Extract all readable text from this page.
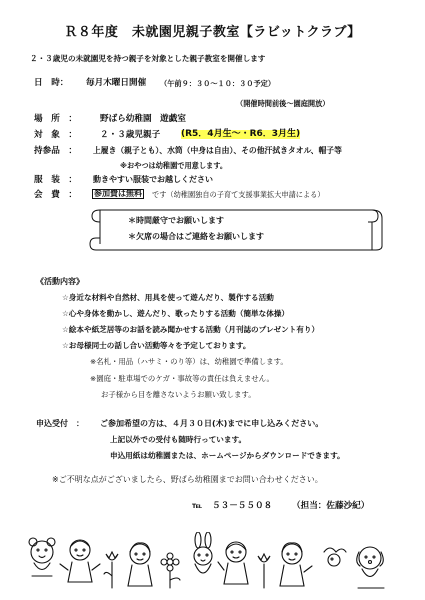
Ｒ８年度　未就園児親子教室【ラビットクラブ】
２・３歳児の未就園児を持つ親子を対象とした親子教室を開催します
日　時： 毎月木曜日開催 （午前９：３０～１０：３０予定）
（開催時間前後～園庭開放）
場　所　：	野ばら幼稚園　遊戯室
対　象　：	２・３歳児親子 (R5．4月生～・R6．3月生)
持参品　： 上履き（親子とも）、水筒（中身は自由）、その他汗拭きタオル、帽子等
※おやつは幼稚園で用意します。
服　装　： 動きやすい服装でお越しください
会　費　： 参加費は無料 です（幼稚園独自の子育て支援事業拡大申請による）
＊時間厳守でお願いします
＊欠席の場合はご連絡をお願いします
《活動内容》
☆身近な材料や自然材、用具を使って遊んだり、製作する活動
☆心や身体を動かし、遊んだり、歌ったりする活動（簡単な体操）
☆絵本や紙芝居等のお話を読み聞かせする活動（月刊誌のプレゼント有り）
☆お母様同士の話し合い活動等々を予定しております。
※名札・用品（ハサミ・のり等）は、幼稚園で準備します。
※園庭・駐車場でのケガ・事故等の責任は負えません。
お子様から目を離さないようお願い致します。
申込受付　： ご参加希望の方は、４月３０日(木)までに申し込みください。
上記以外での受付も随時行っています。
申込用紙は幼稚園または、ホームページからダウンロードできます。
※ご不明な点がございましたら、野ばら幼稚園までお問い合わせください。
℡ ５３－５５０８ （担当：佐藤沙紀）
